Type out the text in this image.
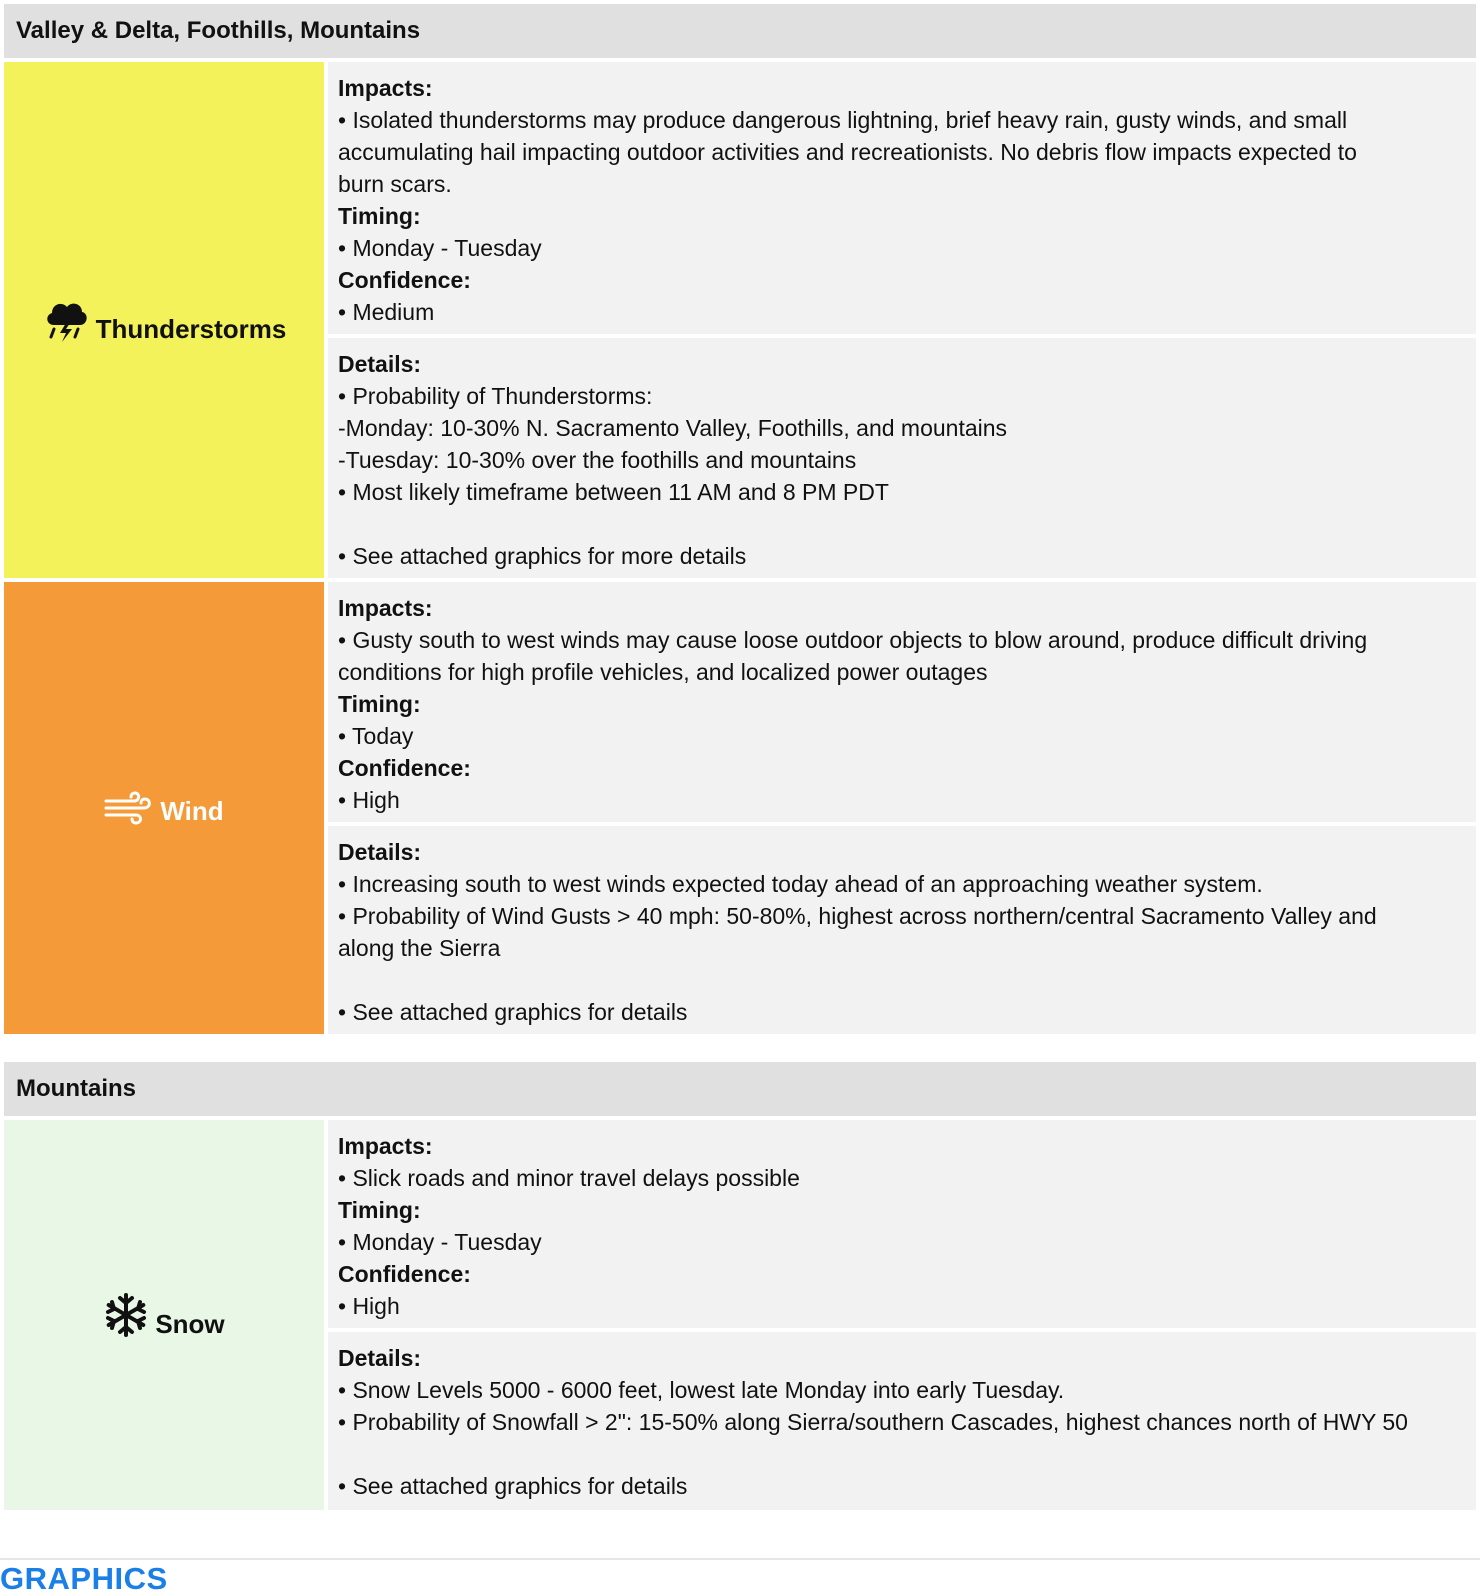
Valley & Delta, Foothills, Mountains
Thunderstorms
Impacts:
• Isolated thunderstorms may produce dangerous lightning, brief heavy rain, gusty winds, and small
accumulating hail impacting outdoor activities and recreationists. No debris flow impacts expected to
burn scars.
Timing:
• Monday - Tuesday
Confidence:
• Medium
Details:
• Probability of Thunderstorms:
-Monday: 10-30% N. Sacramento Valley, Foothills, and mountains
-Tuesday: 10-30% over the foothills and mountains
• Most likely timeframe between 11 AM and 8 PM PDT
• See attached graphics for more details
Wind
Impacts:
• Gusty south to west winds may cause loose outdoor objects to blow around, produce difficult driving
conditions for high profile vehicles, and localized power outages
Timing:
• Today
Confidence:
• High
Details:
• Increasing south to west winds expected today ahead of an approaching weather system.
• Probability of Wind Gusts > 40 mph: 50-80%, highest across northern/central Sacramento Valley and
along the Sierra
• See attached graphics for details
Mountains
Snow
Impacts:
• Slick roads and minor travel delays possible
Timing:
• Monday - Tuesday
Confidence:
• High
Details:
• Snow Levels 5000 - 6000 feet, lowest late Monday into early Tuesday.
• Probability of Snowfall > 2": 15-50% along Sierra/southern Cascades, highest chances north of HWY 50
• See attached graphics for details
GRAPHICS
